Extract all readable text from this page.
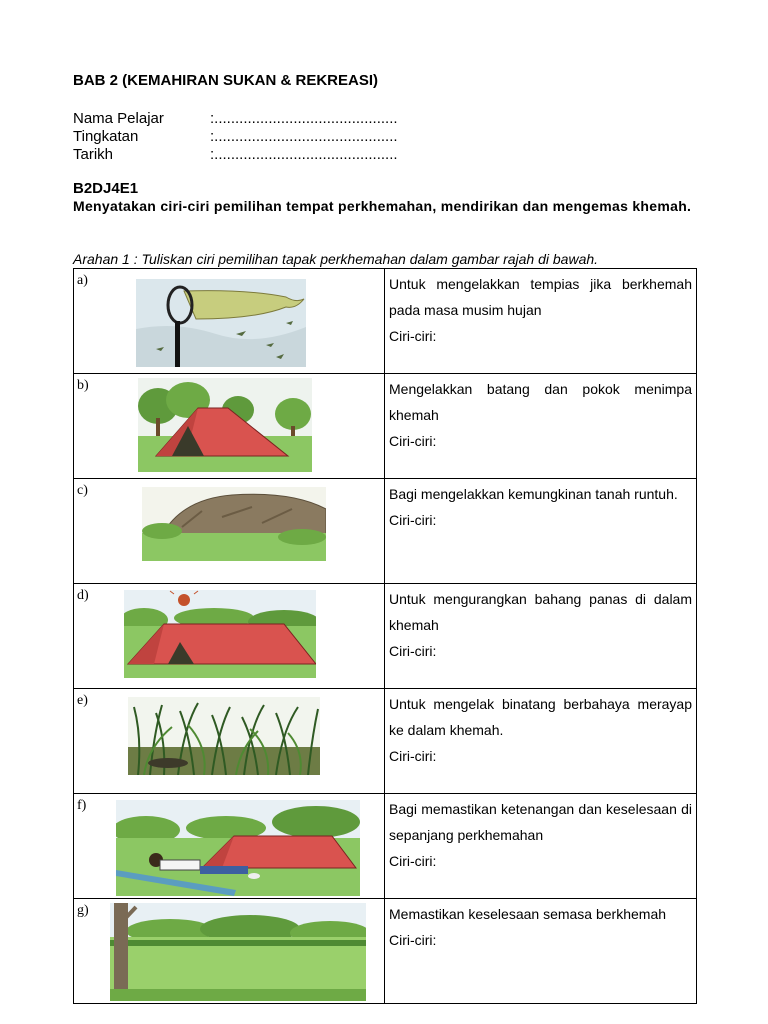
BAB 2 (KEMAHIRAN SUKAN & REKREASI)
Nama Pelajar	:............................................
Tingkatan	:............................................
Tarikh	:............................................
B2DJ4E1
Menyatakan ciri-ciri pemilihan tempat perkhemahan, mendirikan dan mengemas khemah.
Arahan 1 : Tuliskan ciri pemilihan tapak perkhemahan dalam gambar rajah di bawah.
a)	Untuk mengelakkan tempias jika berkhemah pada masa musim hujan
Ciri-ciri:

b)	Mengelakkan batang dan pokok menimpa khemah
Ciri-ciri:

c)	Bagi mengelakkan kemungkinan tanah runtuh.
Ciri-ciri:

d)	Untuk mengurangkan bahang panas di dalam khemah
Ciri-ciri:

e)	Untuk mengelak binatang berbahaya merayap ke dalam khemah.
Ciri-ciri:

f)	Bagi memastikan ketenangan dan keselesaan di sepanjang perkhemahan
Ciri-ciri:

g)	Memastikan keselesaan semasa berkhemah
Ciri-ciri:
